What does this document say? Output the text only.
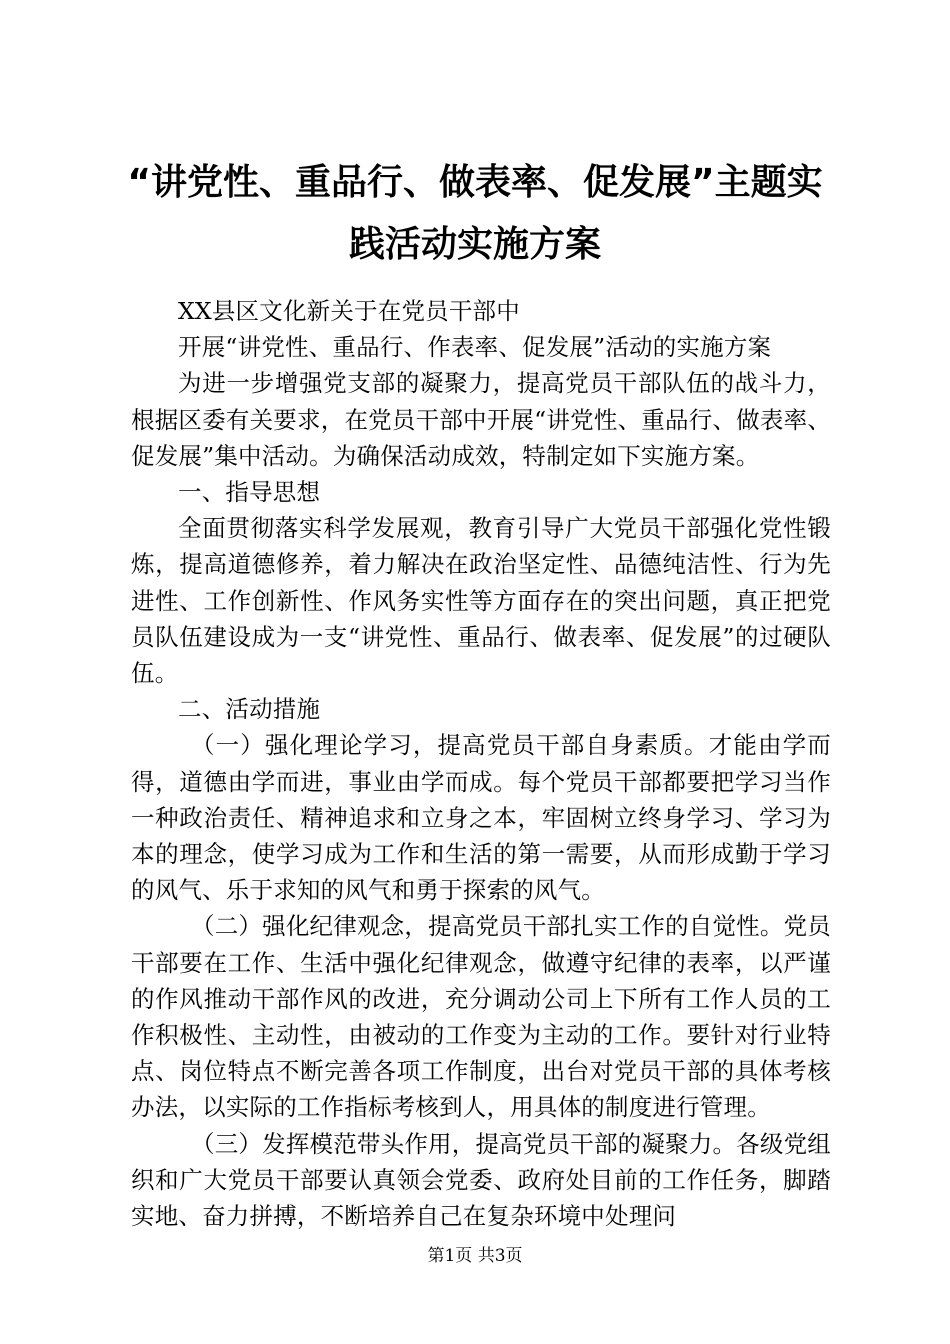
“讲党性、重品行、做表率、促发展”主题实
践活动实施方案

XX县区文化新关于在党员干部中

开展“讲党性、重品行、作表率、促发展”活动的实施方案

为进一步增强党支部的凝聚力，提高党员干部队伍的战斗力，根据区委有关要求，在党员干部中开展“讲党性、重品行、做表率、促发展”集中活动。为确保活动成效，特制定如下实施方案。

一、指导思想

全面贯彻落实科学发展观，教育引导广大党员干部强化党性锻炼，提高道德修养，着力解决在政治坚定性、品德纯洁性、行为先进性、工作创新性、作风务实性等方面存在的突出问题，真正把党员队伍建设成为一支“讲党性、重品行、做表率、促发展”的过硬队伍。

二、活动措施

（一）强化理论学习，提高党员干部自身素质。才能由学而得，道德由学而进，事业由学而成。每个党员干部都要把学习当作一种政治责任、精神追求和立身之本，牢固树立终身学习、学习为本的理念，使学习成为工作和生活的第一需要，从而形成勤于学习的风气、乐于求知的风气和勇于探索的风气。

（二）强化纪律观念，提高党员干部扎实工作的自觉性。党员干部要在工作、生活中强化纪律观念，做遵守纪律的表率，以严谨的作风推动干部作风的改进，充分调动公司上下所有工作人员的工作积极性、主动性，由被动的工作变为主动的工作。要针对行业特点、岗位特点不断完善各项工作制度，出台对党员干部的具体考核办法，以实际的工作指标考核到人，用具体的制度进行管理。

（三）发挥模范带头作用，提高党员干部的凝聚力。各级党组织和广大党员干部要认真领会党委、政府处目前的工作任务，脚踏实地、奋力拼搏，不断培养自己在复杂环境中处理问

第1页 共3页
